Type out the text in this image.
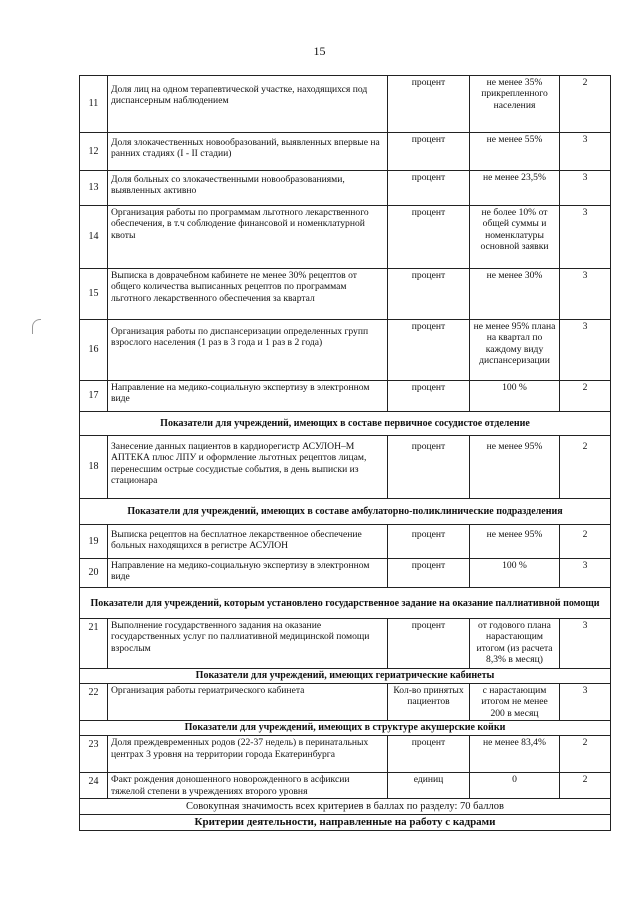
15
11	Доля лиц на одном терапевтической участке, находящихся под диспансерным наблюдением	процент	не менее 35% прикрепленного населения	2
12	Доля злокачественных новообразований, выявленных впервые на ранних стадиях (I - II стадии)	процент	не менее 55%	3
13	Доля больных со злокачественными новообразованиями, выявленных активно	процент	не менее 23,5%	3
14	Организация работы по программам льготного лекарственного обеспечения, в т.ч соблюдение финансовой и номенклатурной квоты	процент	не более 10% от общей суммы и номенклатуры основной заявки	3
15	Выписка в доврачебном кабинете не менее 30% рецептов от общего количества выписанных рецептов по программам льготного лекарственного обеспечения за квартал	процент	не менее 30%	3
16	Организация работы по диспансеризации определенных групп взрослого населения (1 раз в 3 года и 1 раз в 2 года)	процент	не менее 95% плана на квартал по каждому виду диспансеризации	3
17	Направление на медико-социальную экспертизу в электронном виде	процент	100 %	2
Показатели для учреждений, имеющих в составе первичное сосудистое отделение				
18	Занесение данных пациентов в кардиорегистр АСУЛОН–М АПТЕКА плюс ЛПУ и оформление льготных рецептов лицам, перенесшим острые сосудистые события, в день выписки из стационара	процент	не менее 95%	2
Показатели для учреждений, имеющих в составе амбулаторно-поликлинические подразделения				
19	Выписка рецептов на бесплатное лекарственное обеспечение больных находящихся в регистре АСУЛОН	процент	не менее 95%	2
20	Направление на медико-социальную экспертизу в электронном виде	процент	100 %	3
Показатели для учреждений, которым установлено государственное задание на оказание паллиативной помощи				
21	Выполнение государственного задания на оказание государственных услуг по паллиативной медицинской помощи взрослым	процент	от годового плана нарастающим итогом (из расчета 8,3% в месяц)	3
Показатели для учреждений, имеющих гериатрические кабинеты				
22	Организация работы гериатрического кабинета	Кол-во принятых пациентов	с нарастающим итогом не менее 200 в месяц	3
Показатели для учреждений, имеющих в структуре акушерские койки				
23	Доля преждевременных родов (22-37 недель) в перинатальных центрах 3 уровня на территории города Екатеринбурга	процент	не менее 83,4%	2
24	Факт рождения доношенного новорожденного в асфиксии тяжелой степени в учреждениях второго уровня	единиц	0	2
Совокупная значимость всех критериев в баллах по разделу: 70 баллов				
Критерии деятельности, направленные на работу с кадрами				
